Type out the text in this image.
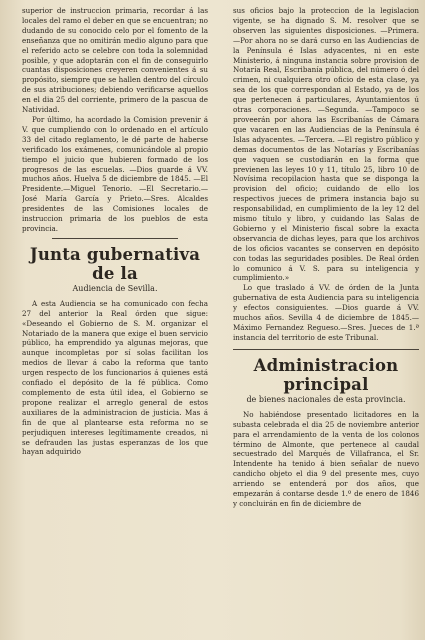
superior de instruccion primaria, recordar á las locales del ramo el deber en que se encuentran; no dudando de su conocido celo por el fomento de la enseñanza que no omitirán medio alguno para que el referido acto se celebre con toda la solemnidad posible, y que adoptarán con el fin de conseguirlo cuantas disposiciones creyeren convenientes á su propósito, siempre que se hallen dentro del círculo de sus atribuciones; debiendo verificarse aquellos en el dia 25 del corriente, primero de la pascua de Natividad.

Por último, ha acordado la Comision prevenir á V. que cumpliendo con lo ordenado en el artículo 33 del citado reglamento, le dé parte de haberse verificado los exámenes, comunicándole al propio tiempo el juicio que hubieren formado de los progresos de las escuelas. —Dios guarde á VV. muchos años. Huelva 5 de diciembre de 1845. —El Presidente.—Miguel Tenorio. —El Secretario.—José María García y Prieto.—Sres. Alcaldes presidentes de las Comisiones locales de instruccion primaria de los pueblos de esta provincia.

Junta gubernativa de la
Audiencia de Sevilla.

A esta Audiencia se ha comunicado con fecha 27 del anterior la Real órden que sigue: «Deseando el Gobierno de S. M. organizar el Notariado de la manera que exige el buen servicio público, ha emprendido ya algunas mejoras, que aunque incompletas por sí solas facilitan los medios de llevar á cabo la reforma que tanto urgen respecto de los funcionarios á quienes está confiado el depósito de la fé pública. Como complemento de esta útil idea, el Gobierno se propone realizar el arreglo general de estos auxiliares de la administracion de justicia. Mas á fin de que al plantearse esta reforma no se perjudiquen intereses legítimamente creados, ni se defrauden las justas esperanzas de los que hayan adquirido

sus oficios bajo la proteccion de la legislacion vigente, se ha dignado S. M. resolver que se observen las siguientes disposiciones. —Primera. —Por ahora no se dará curso en las Audiencias de la Península é Islas adyacentes, ni en este Ministerio, á ninguna instancia sobre provision de Notaría Real, Escribanía pública, del número ó del crimen, ni cualquiera otro oficio de esta clase, ya sea de los que correspondan al Estado, ya de los que pertenecen á particulares, Ayuntamientos ú otras corporaciones. —Segunda. —Tampoco se proveerán por ahora las Escribanías de Cámara que vacaren en las Audiencias de la Península é Islas adyacentes. —Tercera. —El registro público y demas documentos de las Notarías y Escribanías que vaquen se custodiarán en la forma que previenen las leyes 10 y 11, título 25, libro 10 de Novísima recopilacion hasta que se disponga la provision del oficio; cuidando de ello los respectivos jueces de primera instancia bajo su responsabilidad, en cumplimiento de la ley 12 del mismo título y libro, y cuidando las Salas de Gobierno y el Ministerio fiscal sobre la exacta observancia de dichas leyes, para que los archivos de los oficios vacantes se conserven en depósito con todas las seguridades posibles. De Real órden lo comunico á V. S. para su inteligencia y cumplimiento.»

Lo que traslado á VV. de órden de la Junta gubernativa de esta Audiencia para su inteligencia y efectos consiguientes. —Dios guarde á VV. muchos años. Sevilla 4 de diciembre de 1845.—Máximo Fernandez Regueso.—Sres. Jueces de 1.ª instancia del territorio de este Tribunal.

Administracion principal
de bienes nacionales de esta provincia.

No habiéndose presentado licitadores en la subasta celebrada el dia 25 de noviembre anterior para el arrendamiento de la venta de los colonos término de Almonte, que pertenece al caudal secuestrado del Marqués de Villafranca, el Sr. Intendente ha tenido á bien señalar de nuevo candicho objeto el dia 9 del presente mes, cuyo arriendo se entenderá por dos años, que empezarán á contarse desde 1.º de enero de 1846 y concluirán en fin de diciembre de
